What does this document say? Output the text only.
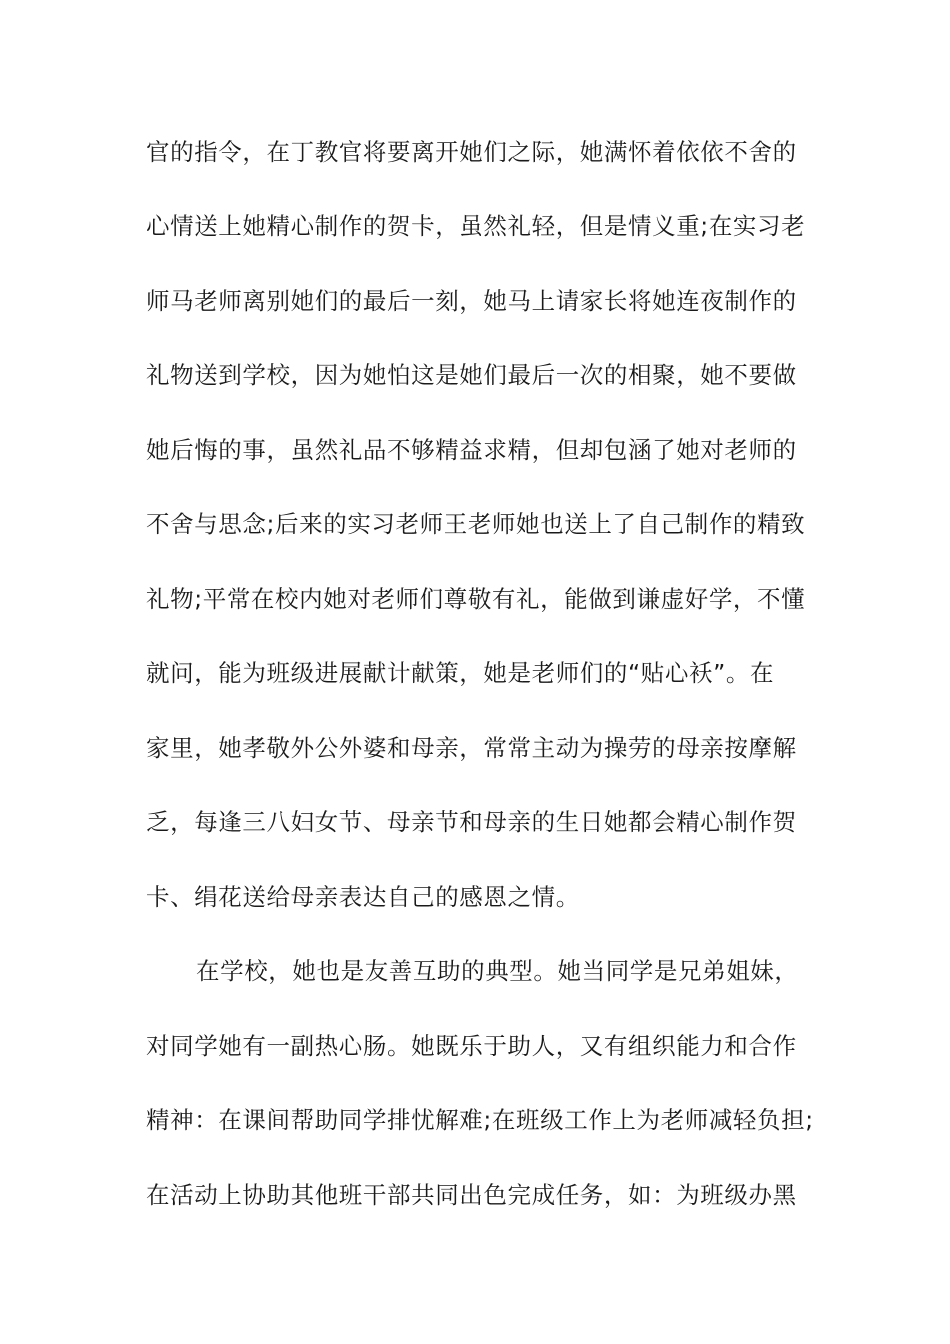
官的指令，在丁教官将要离开她们之际，她满怀着依依不舍的
心情送上她精心制作的贺卡，虽然礼轻，但是情义重;在实习老
师马老师离别她们的最后一刻，她马上请家长将她连夜制作的
礼物送到学校，因为她怕这是她们最后一次的相聚，她不要做
她后悔的事，虽然礼品不够精益求精，但却包涵了她对老师的
不舍与思念;后来的实习老师王老师她也送上了自己制作的精致
礼物;平常在校内她对老师们尊敬有礼，能做到谦虚好学，不懂
就问，能为班级进展献计献策，她是老师们的“贴心袄”。在
家里，她孝敬外公外婆和母亲，常常主动为操劳的母亲按摩解
乏，每逢三八妇女节、母亲节和母亲的生日她都会精心制作贺
卡、绢花送给母亲表达自己的感恩之情。
在学校，她也是友善互助的典型。她当同学是兄弟姐妹，
对同学她有一副热心肠。她既乐于助人，又有组织能力和合作
精神：在课间帮助同学排忧解难;在班级工作上为老师减轻负担;
在活动上协助其他班干部共同出色完成任务，如：为班级办黑
